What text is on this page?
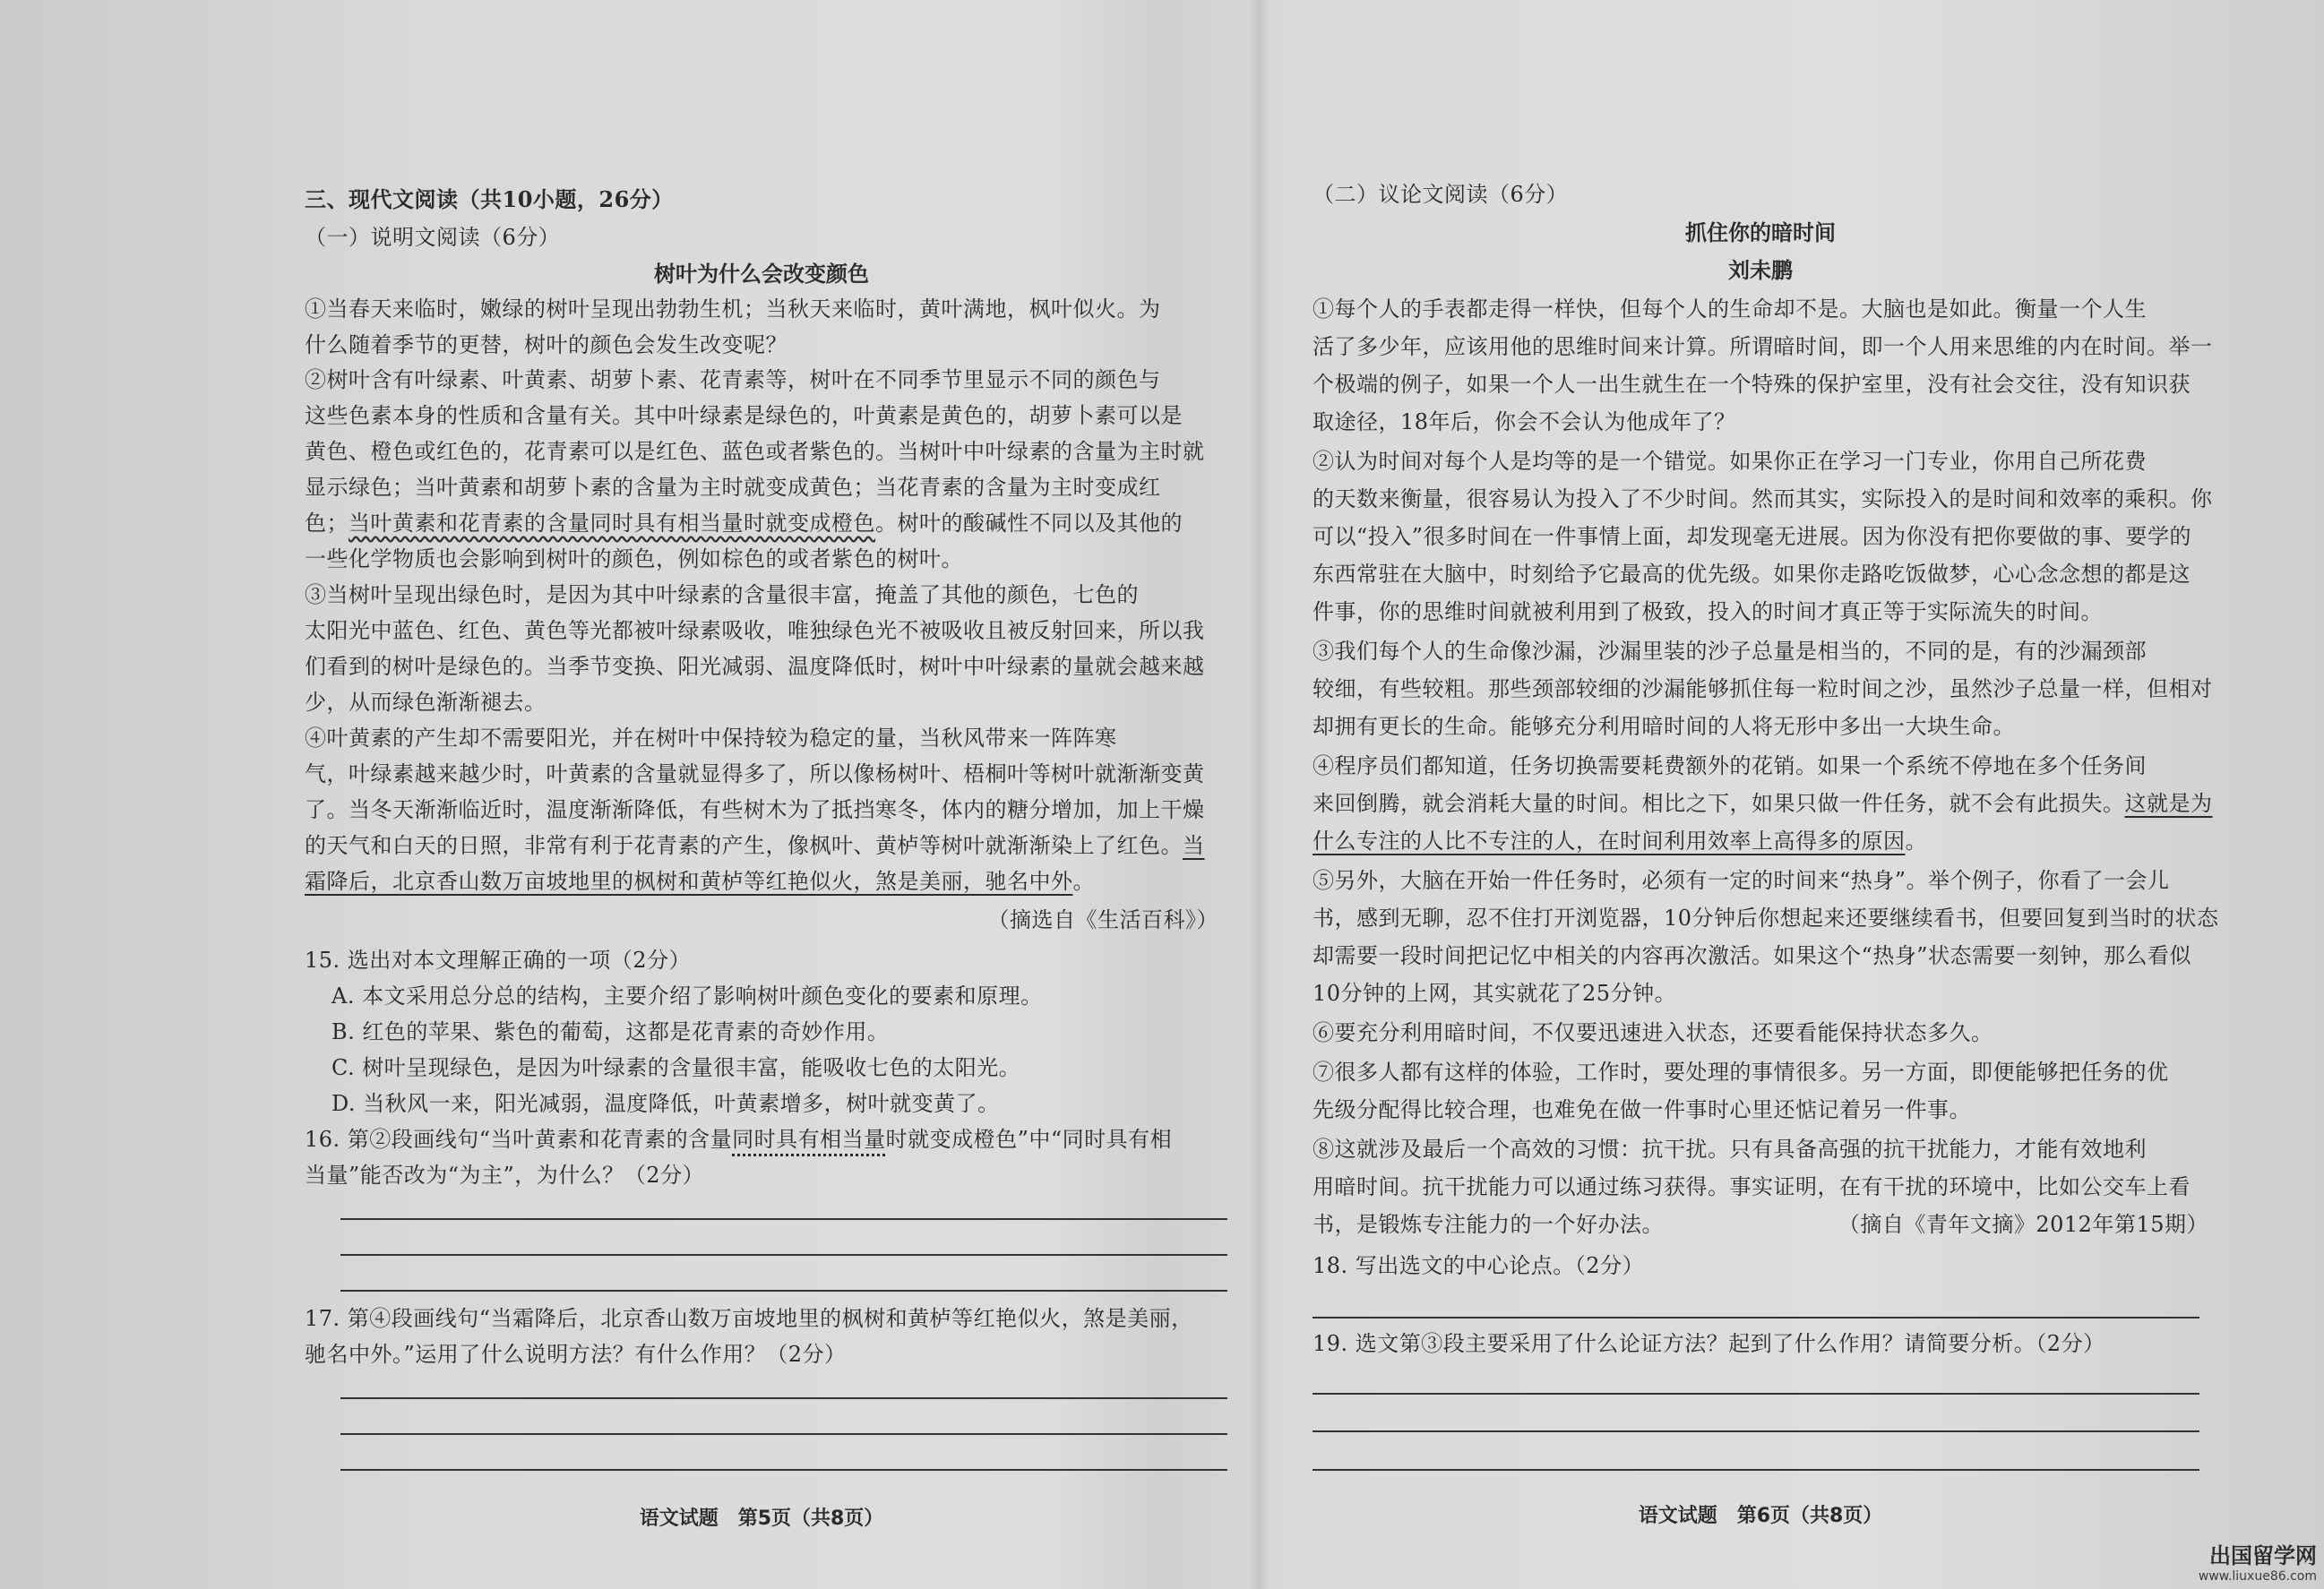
三、现代文阅读（共10小题，26分）
（一）说明文阅读（6分）
树叶为什么会改变颜色
①当春天来临时，嫩绿的树叶呈现出勃勃生机；当秋天来临时，黄叶满地，枫叶似火。为
什么随着季节的更替，树叶的颜色会发生改变呢？
②树叶含有叶绿素、叶黄素、胡萝卜素、花青素等，树叶在不同季节里显示不同的颜色与
这些色素本身的性质和含量有关。其中叶绿素是绿色的，叶黄素是黄色的，胡萝卜素可以是
黄色、橙色或红色的，花青素可以是红色、蓝色或者紫色的。当树叶中叶绿素的含量为主时就
显示绿色；当叶黄素和胡萝卜素的含量为主时就变成黄色；当花青素的含量为主时变成红
色；当叶黄素和花青素的含量同时具有相当量时就变成橙色。树叶的酸碱性不同以及其他的
一些化学物质也会影响到树叶的颜色，例如棕色的或者紫色的树叶。
③当树叶呈现出绿色时，是因为其中叶绿素的含量很丰富，掩盖了其他的颜色，七色的
太阳光中蓝色、红色、黄色等光都被叶绿素吸收，唯独绿色光不被吸收且被反射回来，所以我
们看到的树叶是绿色的。当季节变换、阳光减弱、温度降低时，树叶中叶绿素的量就会越来越
少，从而绿色渐渐褪去。
④叶黄素的产生却不需要阳光，并在树叶中保持较为稳定的量，当秋风带来一阵阵寒
气，叶绿素越来越少时，叶黄素的含量就显得多了，所以像杨树叶、梧桐叶等树叶就渐渐变黄
了。当冬天渐渐临近时，温度渐渐降低，有些树木为了抵挡寒冬，体内的糖分增加，加上干燥
的天气和白天的日照，非常有利于花青素的产生，像枫叶、黄栌等树叶就渐渐染上了红色。当
霜降后，北京香山数万亩坡地里的枫树和黄栌等红艳似火，煞是美丽，驰名中外。
（摘选自《生活百科》）
15. 选出对本文理解正确的一项（2分）
A. 本文采用总分总的结构，主要介绍了影响树叶颜色变化的要素和原理。
B. 红色的苹果、紫色的葡萄，这都是花青素的奇妙作用。
C. 树叶呈现绿色，是因为叶绿素的含量很丰富，能吸收七色的太阳光。
D. 当秋风一来，阳光减弱，温度降低，叶黄素增多，树叶就变黄了。
16. 第②段画线句“当叶黄素和花青素的含量同时具有相当量时就变成橙色”中“同时具有相
当量”能否改为“为主”，为什么？（2分）
17. 第④段画线句“当霜降后，北京香山数万亩坡地里的枫树和黄栌等红艳似火，煞是美丽，
驰名中外。”运用了什么说明方法？有什么作用？（2分）
语文试题　第5页（共8页）
（二）议论文阅读（6分）
抓住你的暗时间
刘未鹏
①每个人的手表都走得一样快，但每个人的生命却不是。大脑也是如此。衡量一个人生
活了多少年，应该用他的思维时间来计算。所谓暗时间，即一个人用来思维的内在时间。举一
个极端的例子，如果一个人一出生就生在一个特殊的保护室里，没有社会交往，没有知识获
取途径，18年后，你会不会认为他成年了？
②认为时间对每个人是均等的是一个错觉。如果你正在学习一门专业，你用自己所花费
的天数来衡量，很容易认为投入了不少时间。然而其实，实际投入的是时间和效率的乘积。你
可以“投入”很多时间在一件事情上面，却发现毫无进展。因为你没有把你要做的事、要学的
东西常驻在大脑中，时刻给予它最高的优先级。如果你走路吃饭做梦，心心念念想的都是这
件事，你的思维时间就被利用到了极致，投入的时间才真正等于实际流失的时间。
③我们每个人的生命像沙漏，沙漏里装的沙子总量是相当的，不同的是，有的沙漏颈部
较细，有些较粗。那些颈部较细的沙漏能够抓住每一粒时间之沙，虽然沙子总量一样，但相对
却拥有更长的生命。能够充分利用暗时间的人将无形中多出一大块生命。
④程序员们都知道，任务切换需要耗费额外的花销。如果一个系统不停地在多个任务间
来回倒腾，就会消耗大量的时间。相比之下，如果只做一件任务，就不会有此损失。这就是为
什么专注的人比不专注的人，在时间利用效率上高得多的原因。
⑤另外，大脑在开始一件任务时，必须有一定的时间来“热身”。举个例子，你看了一会儿
书，感到无聊，忍不住打开浏览器，10分钟后你想起来还要继续看书，但要回复到当时的状态
却需要一段时间把记忆中相关的内容再次激活。如果这个“热身”状态需要一刻钟，那么看似
10分钟的上网，其实就花了25分钟。
⑥要充分利用暗时间，不仅要迅速进入状态，还要看能保持状态多久。
⑦很多人都有这样的体验，工作时，要处理的事情很多。另一方面，即便能够把任务的优
先级分配得比较合理，也难免在做一件事时心里还惦记着另一件事。
⑧这就涉及最后一个高效的习惯：抗干扰。只有具备高强的抗干扰能力，才能有效地利
用暗时间。抗干扰能力可以通过练习获得。事实证明，在有干扰的环境中，比如公交车上看
书，是锻炼专注能力的一个好办法。	（摘自《青年文摘》2012年第15期）
18. 写出选文的中心论点。（2分）
19. 选文第③段主要采用了什么论证方法？起到了什么作用？请简要分析。（2分）
语文试题　第6页（共8页）
出国留学网
www.liuxue86.com
